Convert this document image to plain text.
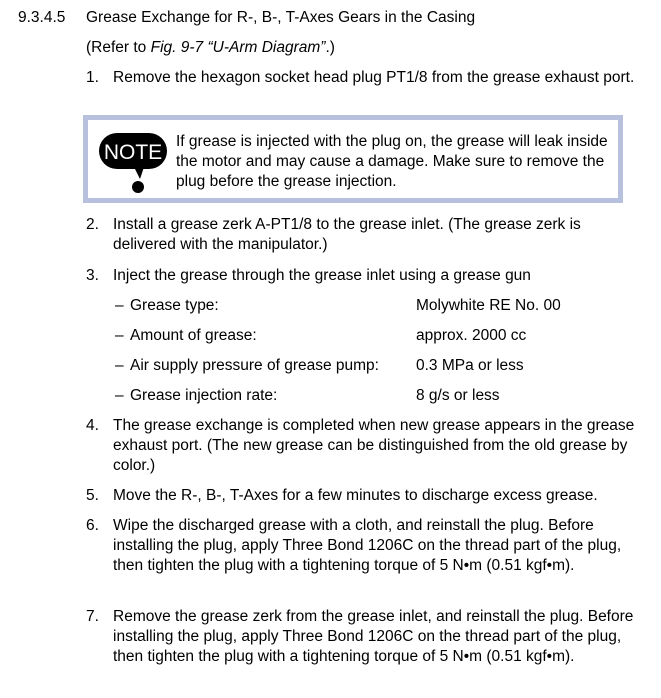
9.3.4.5 Grease Exchange for R-, B-, T-Axes Gears in the Casing
(Refer to Fig. 9-7 “U-Arm Diagram”.)
1. Remove the hexagon socket head plug PT1/8 from the grease exhaust port.
NOTE If grease is injected with the plug on, the grease will leak inside the motor and may cause a damage. Make sure to remove the plug before the grease injection.
2. Install a grease zerk A-PT1/8 to the grease inlet. (The grease zerk is delivered with the manipulator.)
3. Inject the grease through the grease inlet using a grease gun
– Grease type:	Molywhite RE No. 00
– Amount of grease:	approx. 2000 cc
– Air supply pressure of grease pump: 0.3 MPa or less
– Grease injection rate:	8 g/s or less
4. The grease exchange is completed when new grease appears in the grease exhaust port. (The new grease can be distinguished from the old grease by color.)
5. Move the R-, B-, T-Axes for a few minutes to discharge excess grease.
6. Wipe the discharged grease with a cloth, and reinstall the plug. Before installing the plug, apply Three Bond 1206C on the thread part of the plug, then tighten the plug with a tightening torque of 5 N•m (0.51 kgf•m).
7. Remove the grease zerk from the grease inlet, and reinstall the plug. Before installing the plug, apply Three Bond 1206C on the thread part of the plug, then tighten the plug with a tightening torque of 5 N•m (0.51 kgf•m).
